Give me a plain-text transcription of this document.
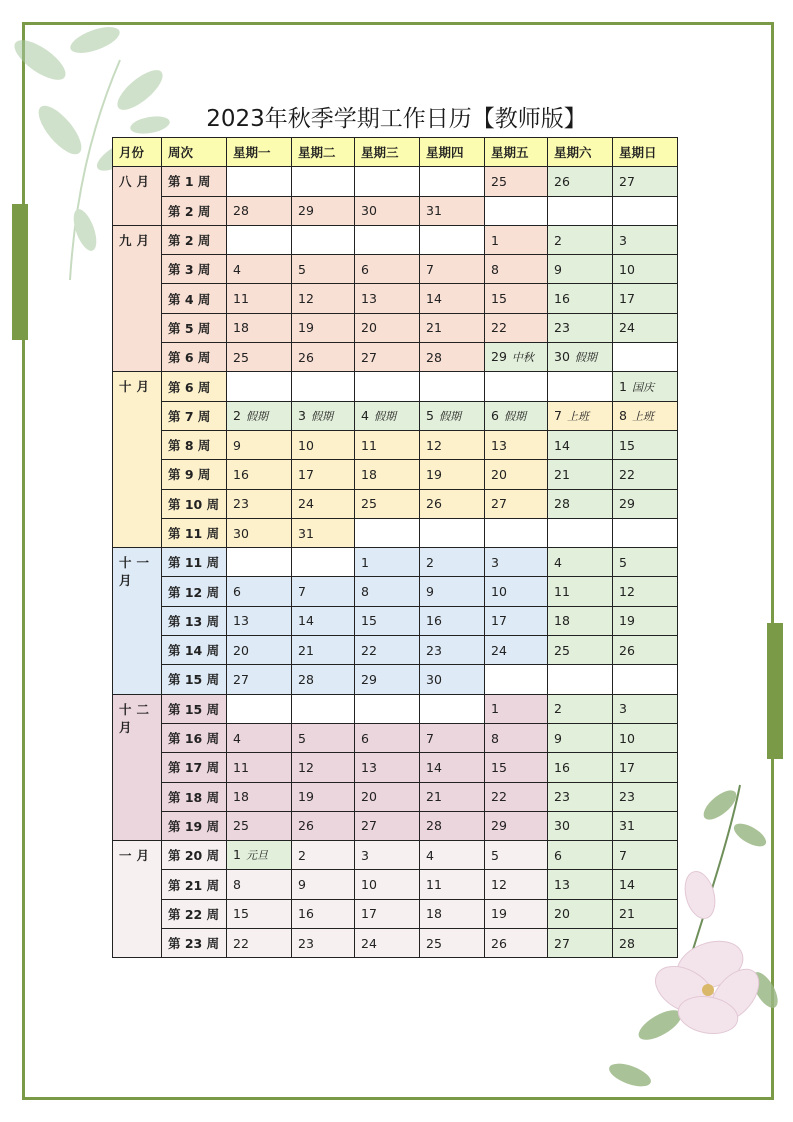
2023年秋季学期工作日历【教师版】
月份	周次	星期一	星期二	星期三	星期四	星期五	星期六	星期日
八月	第 1 周					25	26	27
	第 2 周	28	29	30	31			
九月	第 2 周					1	2	3
	第 3 周	4	5	6	7	8	9	10
	第 4 周	11	12	13	14	15	16	17
	第 5 周	18	19	20	21	22	23	24
	第 6 周	25	26	27	28	29 中秋	30 假期	
十月	第 6 周							1 国庆
	第 7 周	2 假期	3 假期	4 假期	5 假期	6 假期	7 上班	8 上班
	第 8 周	9	10	11	12	13	14	15
	第 9 周	16	17	18	19	20	21	22
	第 10 周	23	24	25	26	27	28	29
	第 11 周	30	31					
十一月	第 11 周			1	2	3	4	5
	第 12 周	6	7	8	9	10	11	12
	第 13 周	13	14	15	16	17	18	19
	第 14 周	20	21	22	23	24	25	26
	第 15 周	27	28	29	30			
十二月	第 15 周					1	2	3
	第 16 周	4	5	6	7	8	9	10
	第 17 周	11	12	13	14	15	16	17
	第 18 周	18	19	20	21	22	23	23
	第 19 周	25	26	27	28	29	30	31
一月	第 20 周	1 元旦	2	3	4	5	6	7
	第 21 周	8	9	10	11	12	13	14
	第 22 周	15	16	17	18	19	20	21
	第 23 周	22	23	24	25	26	27	28
